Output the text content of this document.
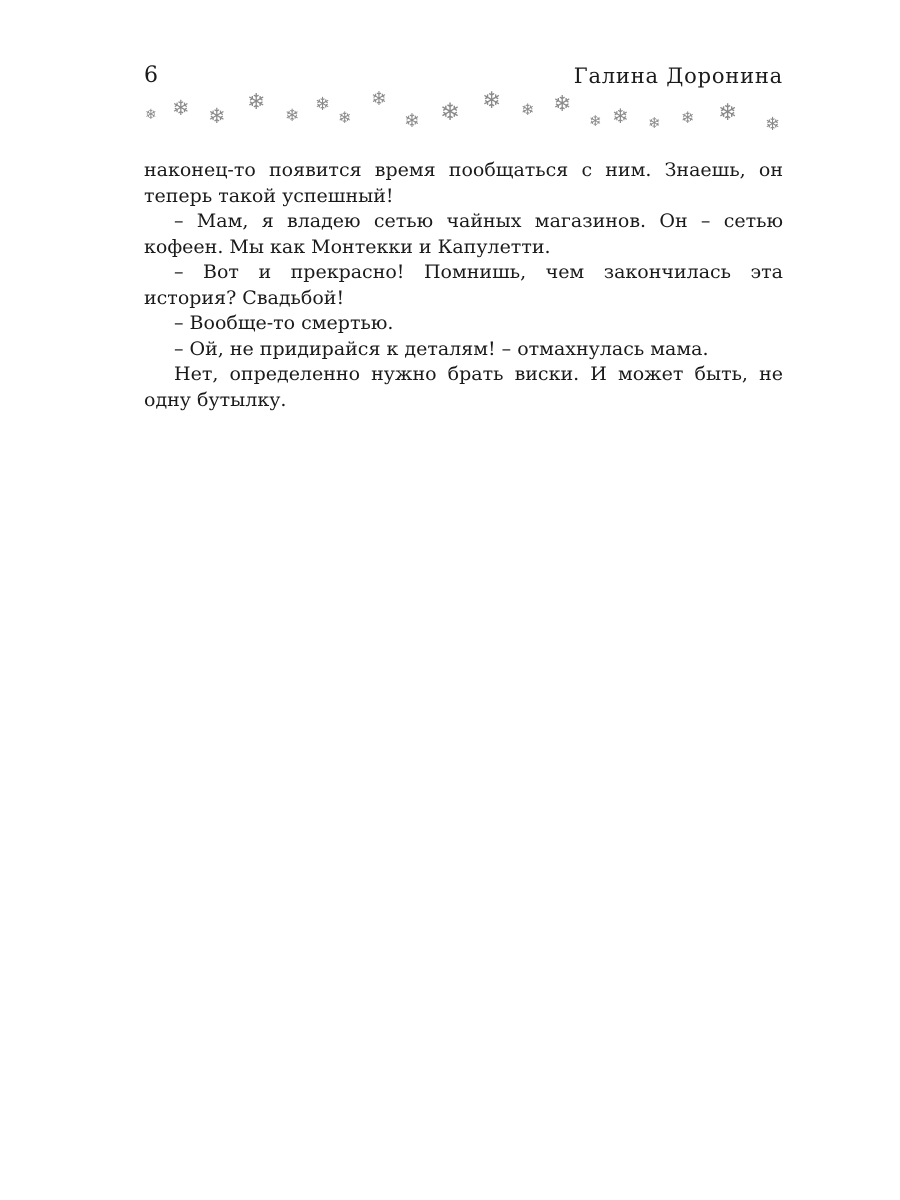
6	Галина Доронина
❄ ❄ ❄
❄
❄
❄
❄
❄
❄ ❄ ❄ ❄ ❄
❄ ❄ ❄ ❄ ❄ ❄

наконец-то появится время пообщаться с ним. Знаешь, он теперь такой успешный!

– Мам, я владею сетью чайных магазинов. Он – сетью кофеен. Мы как Монтекки и Капулетти.

– Вот и прекрасно! Помнишь, чем закончилась эта история? Свадьбой!

– Вообще-то смертью.

– Ой, не придирайся к деталям! – отмахнулась мама.

Нет, определенно нужно брать виски. И может быть, не одну бутылку.
